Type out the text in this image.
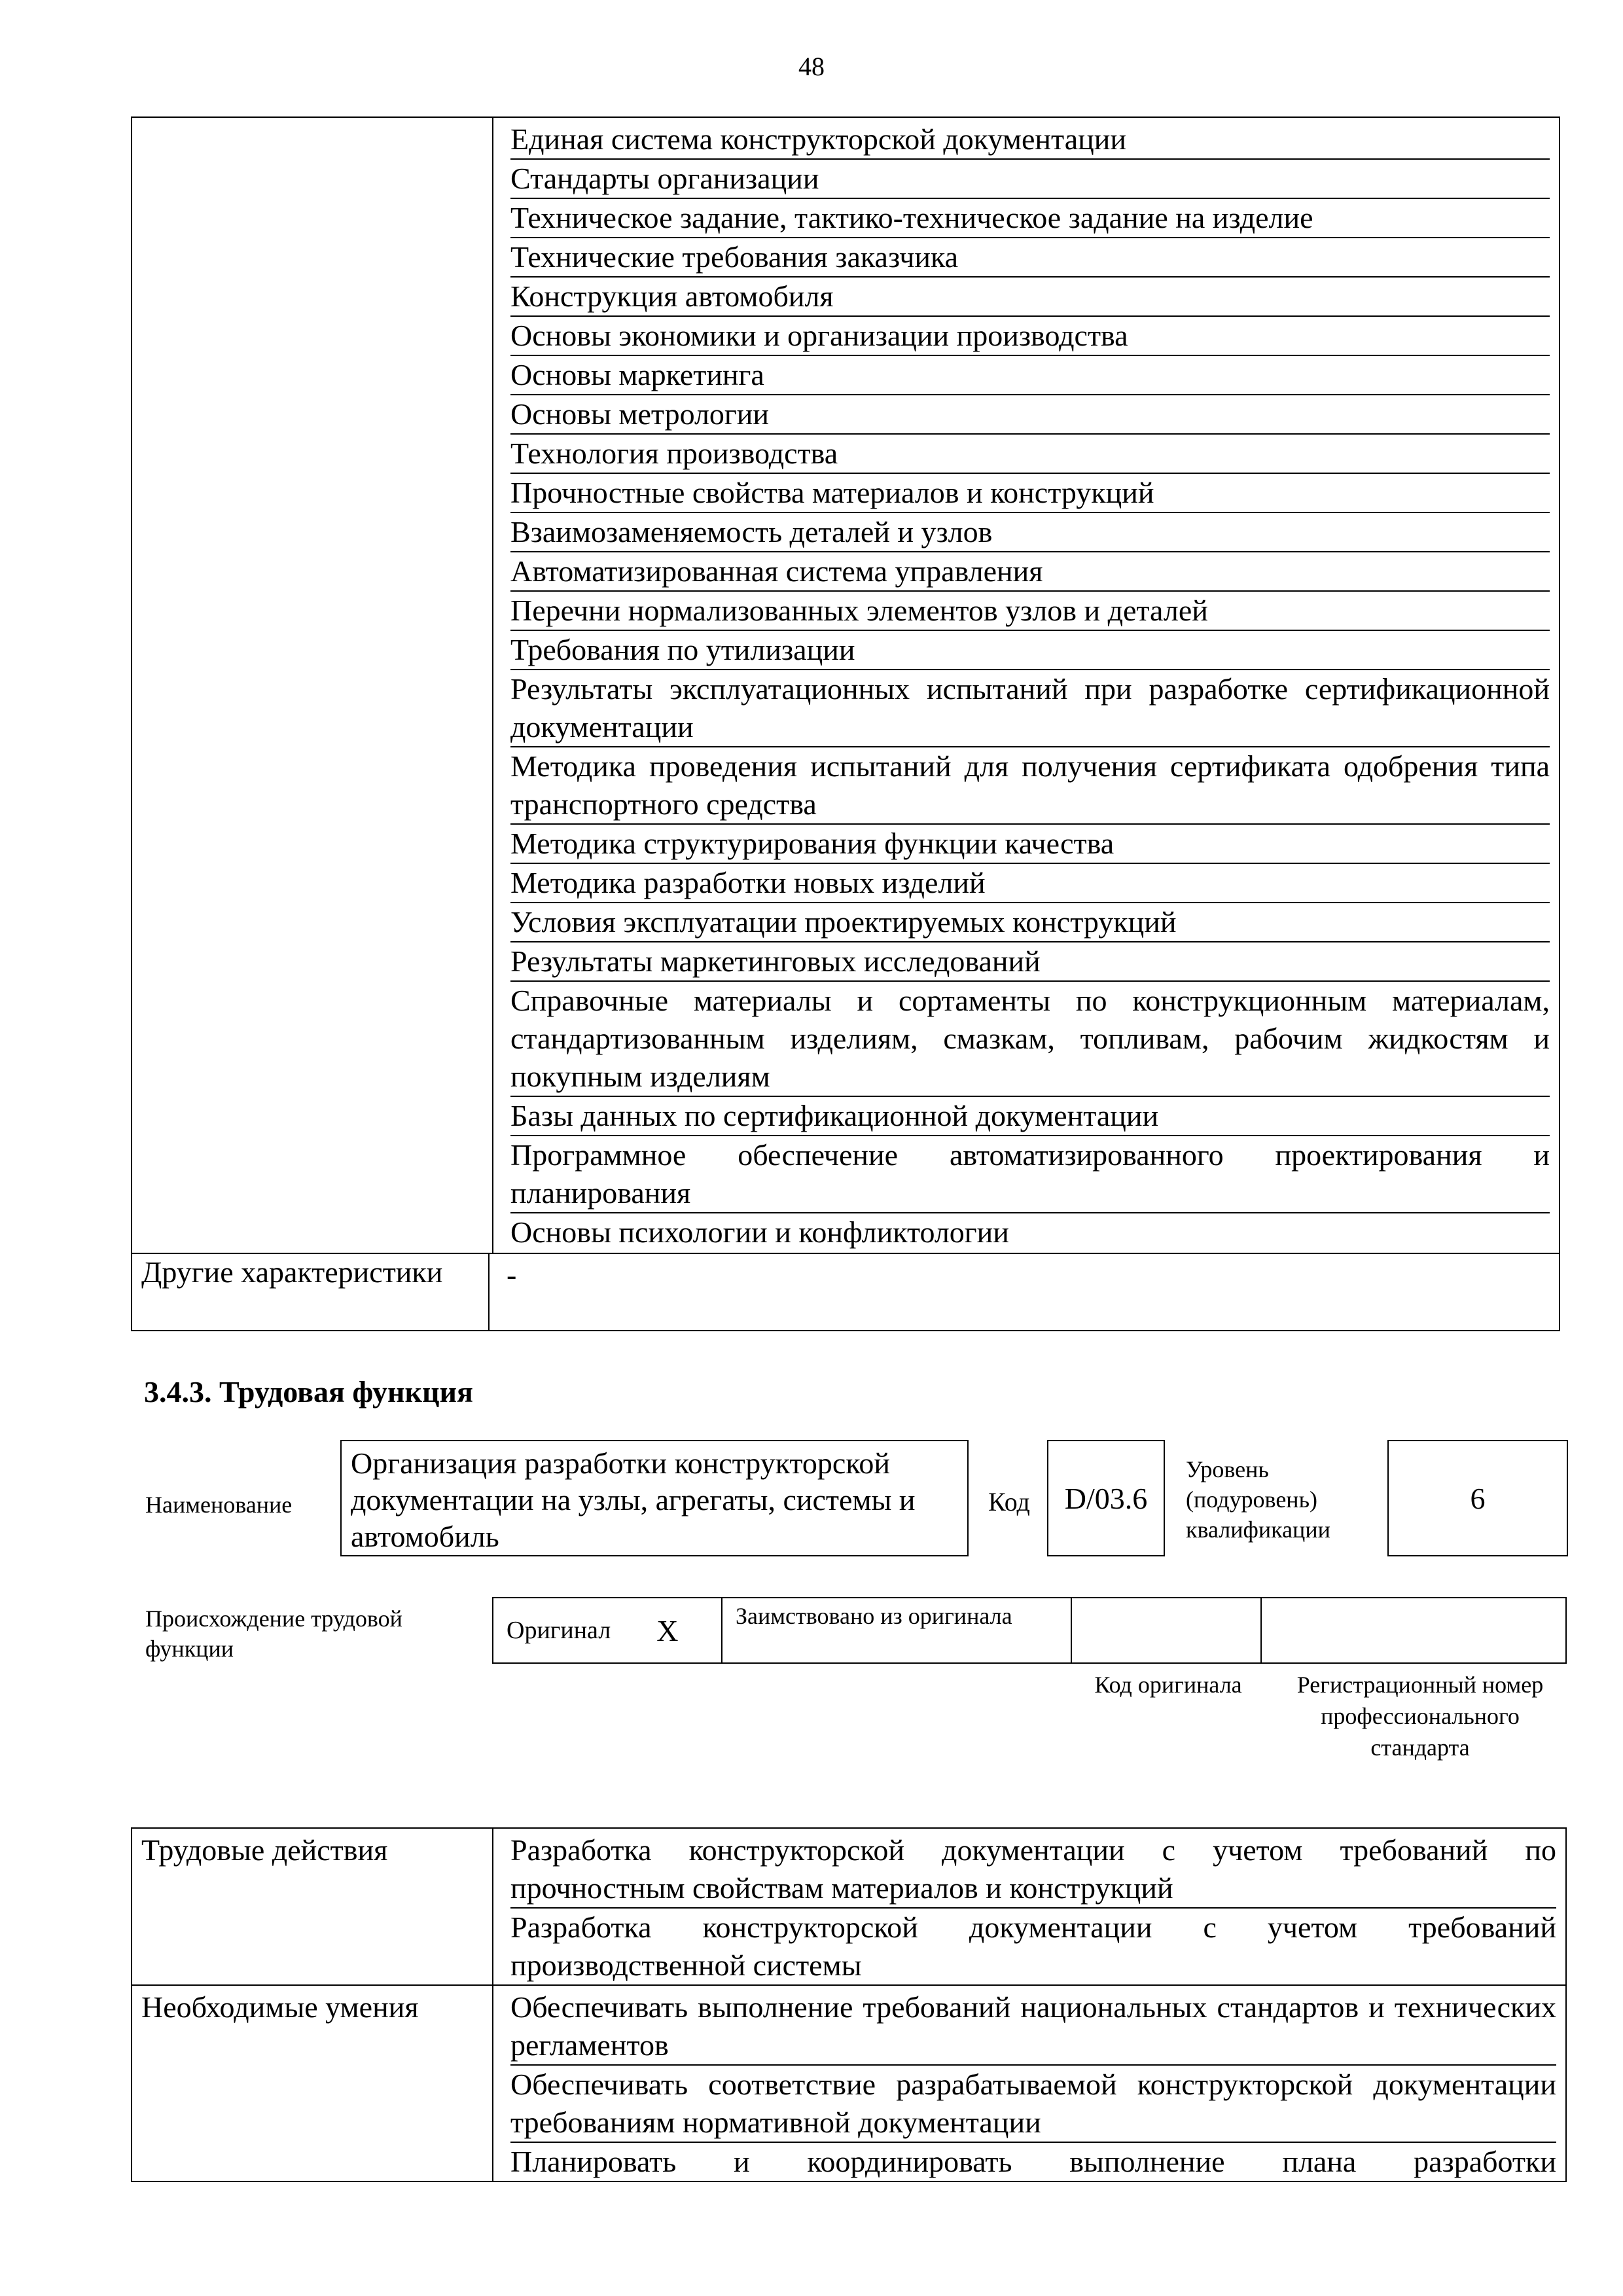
48
Единая система конструкторской документации
Стандарты организации
Техническое задание, тактико-техническое задание на изделие
Технические требования заказчика
Конструкция автомобиля
Основы экономики и организации производства
Основы маркетинга
Основы метрологии
Технология производства
Прочностные свойства материалов и конструкций
Взаимозаменяемость деталей и узлов
Автоматизированная система управления
Перечни нормализованных элементов узлов и деталей
Требования по утилизации
Результаты эксплуатационных испытаний при разработке сертификационной документации
Методика проведения испытаний для получения сертификата одобрения типа транспортного средства
Методика структурирования функции качества
Методика разработки новых изделий
Условия эксплуатации проектируемых конструкций
Результаты маркетинговых исследований
Справочные материалы и сортаменты по конструкционным материалам, стандартизованным изделиям, смазкам, топливам, рабочим жидкостям и покупным изделиям
Базы данных по сертификационной документации
Программное обеспечение автоматизированного проектирования и планирования
Основы психологии и конфликтологии
Другие характеристики	-
3.4.3. Трудовая функция
Наименование
Организация разработки конструкторской документации на узлы, агрегаты, системы и автомобиль
Код	D/03.6
Уровень (подуровень) квалификации
6
Происхождение трудовой функции
Оригинал X	Заимствовано из оригинала
Код оригинала	Регистрационный номер профессионального стандарта
Трудовые действия	Разработка конструкторской документации с учетом требований по прочностным свойствам материалов и конструкций
Разработка конструкторской документации с учетом требований производственной системы
Необходимые умения	Обеспечивать выполнение требований национальных стандартов и технических регламентов
Обеспечивать соответствие разрабатываемой конструкторской документации требованиям нормативной документации
Планировать и координировать выполнение плана разработки
